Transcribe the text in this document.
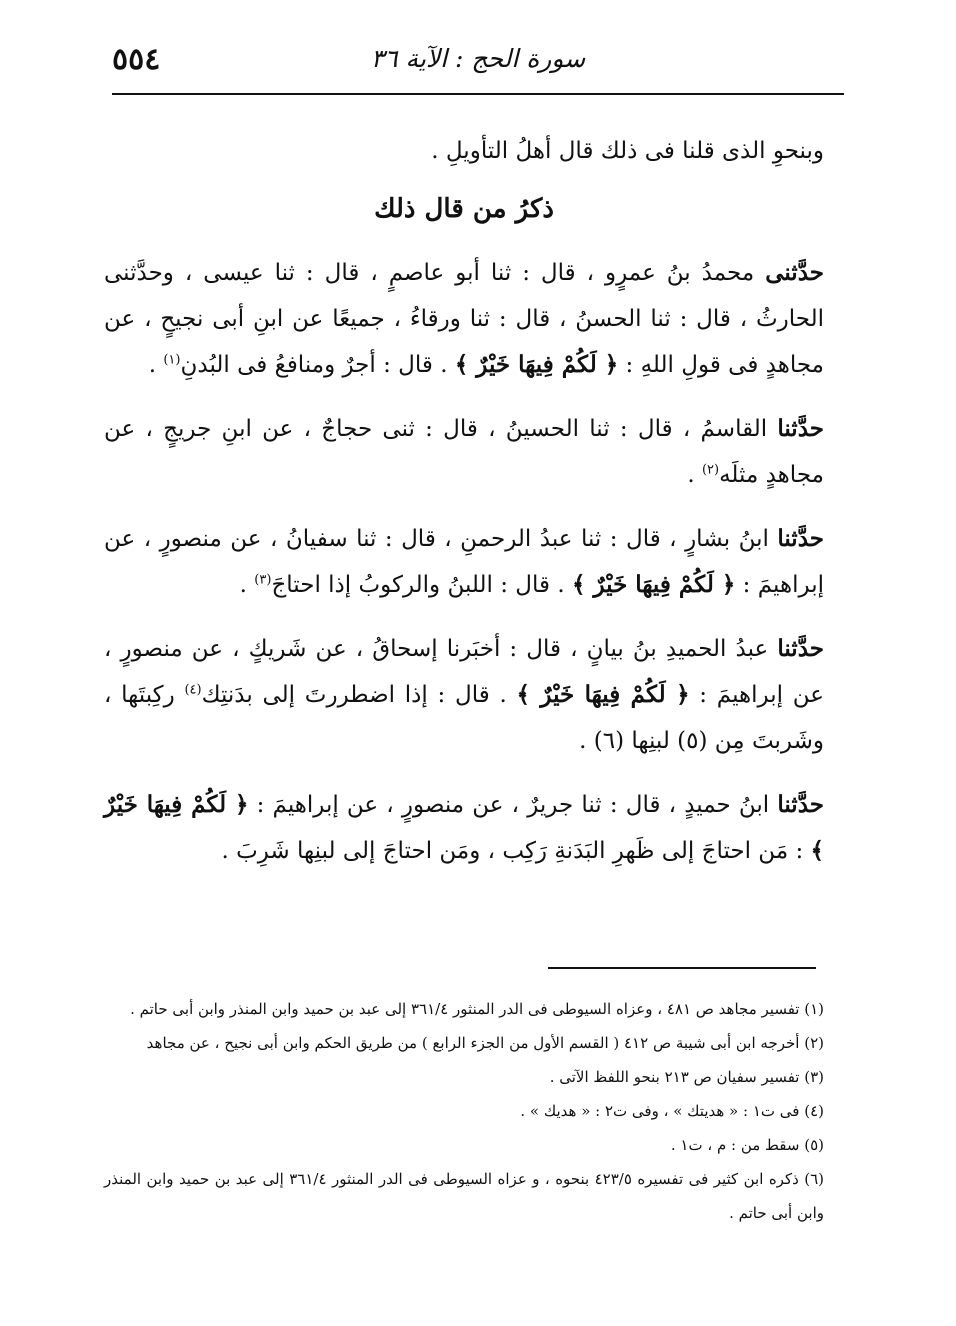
٥٥٤	سورة الحج : الآية ٣٦

وبنحوِ الذى قلنا فى ذلك قال أهلُ التأويلِ .

ذكرُ من قال ذلك

حدَّثنى محمدُ بنُ عمرٍو ، قال : ثنا أبو عاصمٍ ، قال : ثنا عيسى ، وحدَّثنى الحارثُ ، قال : ثنا الحسنُ ، قال : ثنا ورقاءُ ، جميعًا عن ابنِ أبى نجيحٍ ، عن مجاهدٍ فى قولِ اللهِ : ﴿ لَكُمْ فِيهَا خَيْرٌ ﴾ . قال : أجرٌ ومنافعُ فى البُدنِ$^{(١)}$ .

حدَّثنا القاسمُ ، قال : ثنا الحسينُ ، قال : ثنى حجاجٌ ، عن ابنِ جريجٍ ، عن مجاهدٍ مثلَه$^{(٢)}$ .

حدَّثنا ابنُ بشارٍ ، قال : ثنا عبدُ الرحمنِ ، قال : ثنا سفيانُ ، عن منصورٍ ، عن إبراهيمَ : ﴿ لَكُمْ فِيهَا خَيْرٌ ﴾ . قال : اللبنُ والركوبُ إذا احتاجَ$^{(٣)}$ .

حدَّثنا عبدُ الحميدِ بنُ بيانٍ ، قال : أخبَرنا إسحاقُ ، عن شَريكٍ ، عن منصورٍ ، عن إبراهيمَ : ﴿ لَكُمْ فِيهَا خَيْرٌ ﴾ . قال : إذا اضطررتَ إلى بدَنتِك$^{(٤)}$ ركِبتَها ، وشَربتَ مِن (٥) لبنِها (٦) .

حدَّثنا ابنُ حميدٍ ، قال : ثنا جريرٌ ، عن منصورٍ ، عن إبراهيمَ : ﴿ لَكُمْ فِيهَا خَيْرٌ ﴾ : مَن احتاجَ إلى ظَهرِ البَدَنةِ رَكِب ، ومَن احتاجَ إلى لبنِها شَرِبَ .

(١) تفسير مجاهد ص ٤٨١ ، وعزاه السيوطى فى الدر المنثور ٣٦١/٤ إلى عبد بن حميد وابن المنذر وابن أبى حاتم .

(٢) أخرجه ابن أبى شيبة ص ٤١٢ ( القسم الأول من الجزء الرابع ) من طريق الحكم وابن أبى نجيح ، عن مجاهد

(٣) تفسير سفيان ص ٢١٣ بنحو اللفظ الآتى .

(٤) فى ت١ : « هديتك » ، وفى ت٢ : « هديك » .

(٥) سقط من : م ، ت١ .

(٦) ذكره ابن كثير فى تفسيره ٤٢٣/٥ بنحوه ، و عزاه السيوطى فى الدر المنثور ٣٦١/٤ إلى عبد بن حميد وابن المنذر وابن أبى حاتم .
